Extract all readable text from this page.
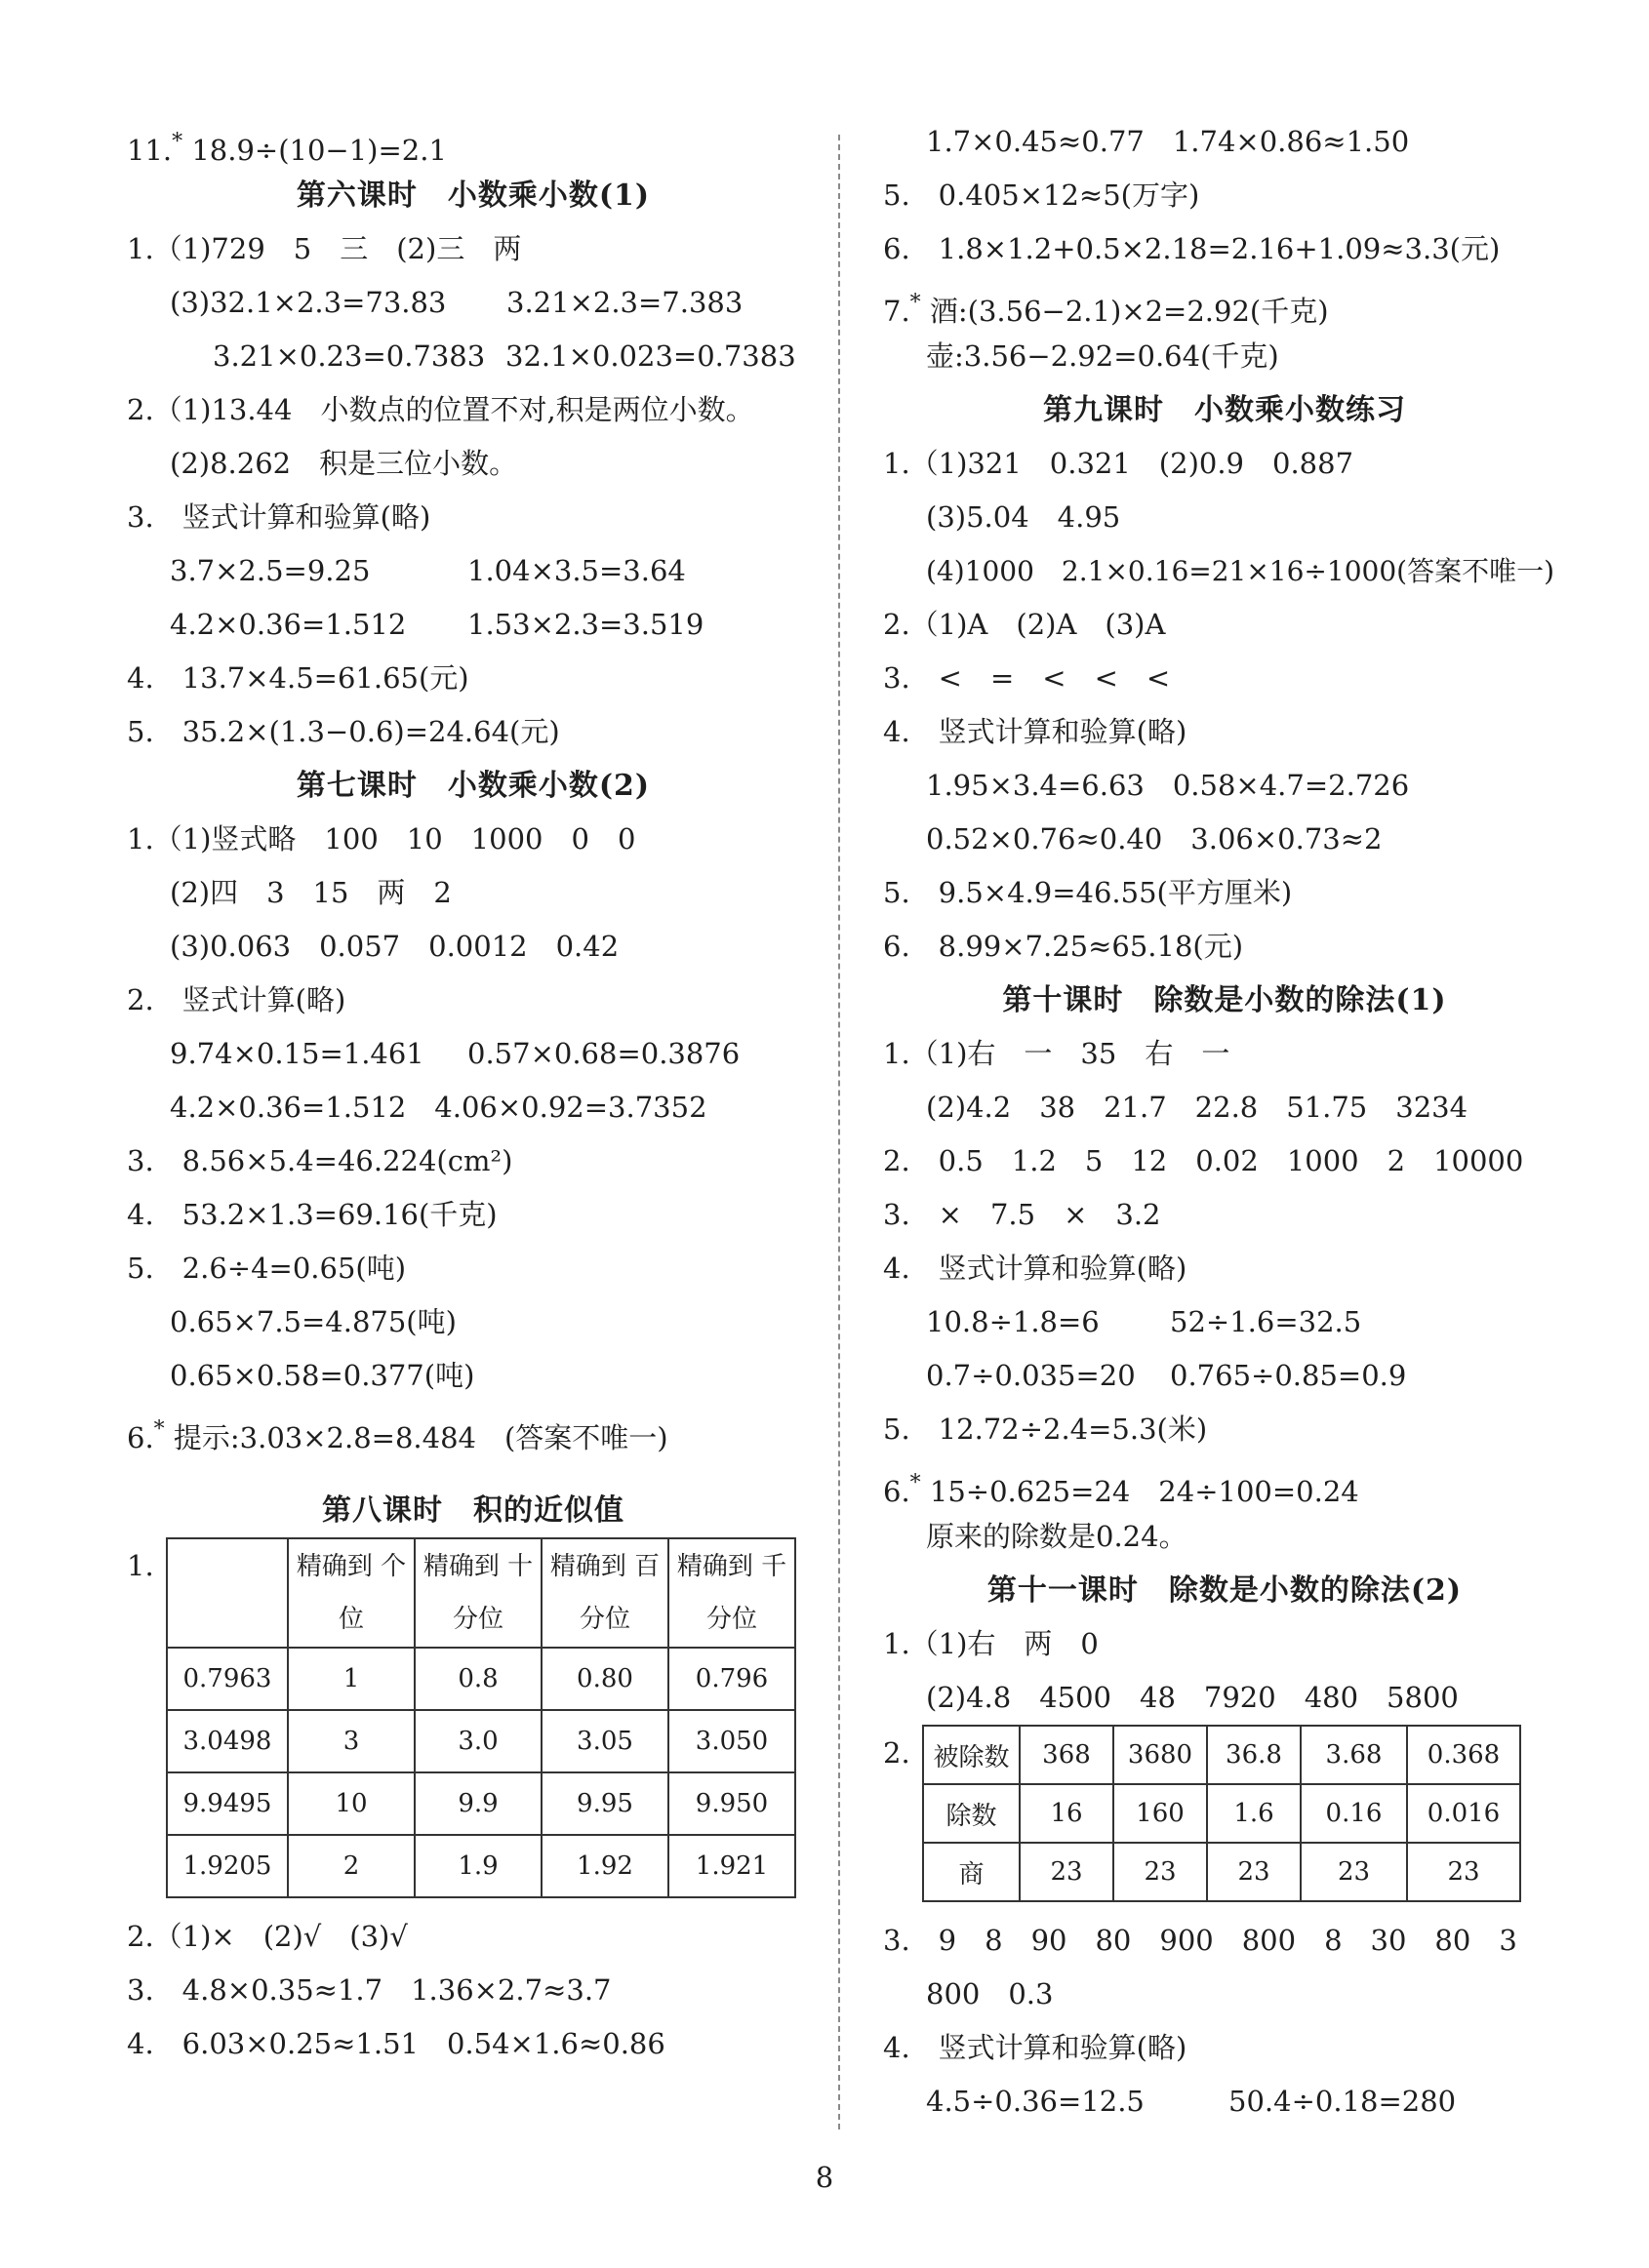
11.* 18.9÷(10−1)=2.1
第六课时　小数乘小数(1)
1.（1)729　5　三　(2)三　两
(3)32.1×2.3=73.83 3.21×2.3=7.383
3.21×0.23=0.7383 32.1×0.023=0.7383
2.（1)13.44　小数点的位置不对,积是两位小数。
(2)8.262　积是三位小数。
3.　竖式计算和验算(略)
3.7×2.5=9.25	1.04×3.5=3.64
4.2×0.36=1.512 1.53×2.3=3.519
4.　13.7×4.5=61.65(元)
5.　35.2×(1.3−0.6)=24.64(元)
第七课时　小数乘小数(2)
1.（1)竖式略　100　10　1000　0　0
(2)四　3　15　两　2
(3)0.063　0.057　0.0012　0.42
2.　竖式计算(略)
9.74×0.15=1.461 0.57×0.68=0.3876
4.2×0.36=1.512　4.06×0.92=3.7352
3.　8.56×5.4=46.224(cm²)
4.　53.2×1.3=69.16(千克)
5.　2.6÷4=0.65(吨)
0.65×7.5=4.875(吨)
0.65×0.58=0.377(吨)
6.* 提示:3.03×2.8=8.484　(答案不唯一)
第八课时　积的近似值
1.
		精确到 个位	精确到 十分位	精确到 百分位	精确到 千分位
0.7963	1	0.8	0.80	0.796
3.0498	3	3.0	3.05	3.050
9.9495	10	9.9	9.95	9.950
1.9205	2	1.9	1.92	1.921
2.（1)×　(2)√　(3)√
3.　4.8×0.35≈1.7　1.36×2.7≈3.7
4.　6.03×0.25≈1.51　0.54×1.6≈0.86
1.7×0.45≈0.77　1.74×0.86≈1.50
5.　0.405×12≈5(万字)
6.　1.8×1.2+0.5×2.18=2.16+1.09≈3.3(元)
7.* 酒:(3.56−2.1)×2=2.92(千克)
壶:3.56−2.92=0.64(千克)
第九课时　小数乘小数练习
1.（1)321　0.321　(2)0.9　0.887
(3)5.04　4.95
(4)1000　2.1×0.16=21×16÷1000(答案不唯一)
2.（1)A　(2)A　(3)A
3.　<　=　<　<　<
4.　竖式计算和验算(略)
1.95×3.4=6.63　0.58×4.7=2.726
0.52×0.76≈0.40　3.06×0.73≈2
5.　9.5×4.9=46.55(平方厘米)
6.　8.99×7.25≈65.18(元)
第十课时　除数是小数的除法(1)
1.（1)右　一　35　右　一
(2)4.2　38　21.7　22.8　51.75　3234
2.　0.5　1.2　5　12　0.02　1000　2　10000
3.　×　7.5　×　3.2
4.　竖式计算和验算(略)
10.8÷1.8=6 52÷1.6=32.5
0.7÷0.035=20 0.765÷0.85=0.9
5.　12.72÷2.4=5.3(米)
6.* 15÷0.625=24　24÷100=0.24
原来的除数是0.24。
第十一课时　除数是小数的除法(2)
1.（1)右　两　0
(2)4.8　4500　48　7920　480　5800
2. 被除数	368	3680	36.8	3.68	0.368
除数	16	160	1.6	0.16	0.016
商	23	23	23	23	23
3.　9　8　90　80　900　800　8　30　80　3
800　0.3
4.　竖式计算和验算(略)
4.5÷0.36=12.5	50.4÷0.18=280
8
